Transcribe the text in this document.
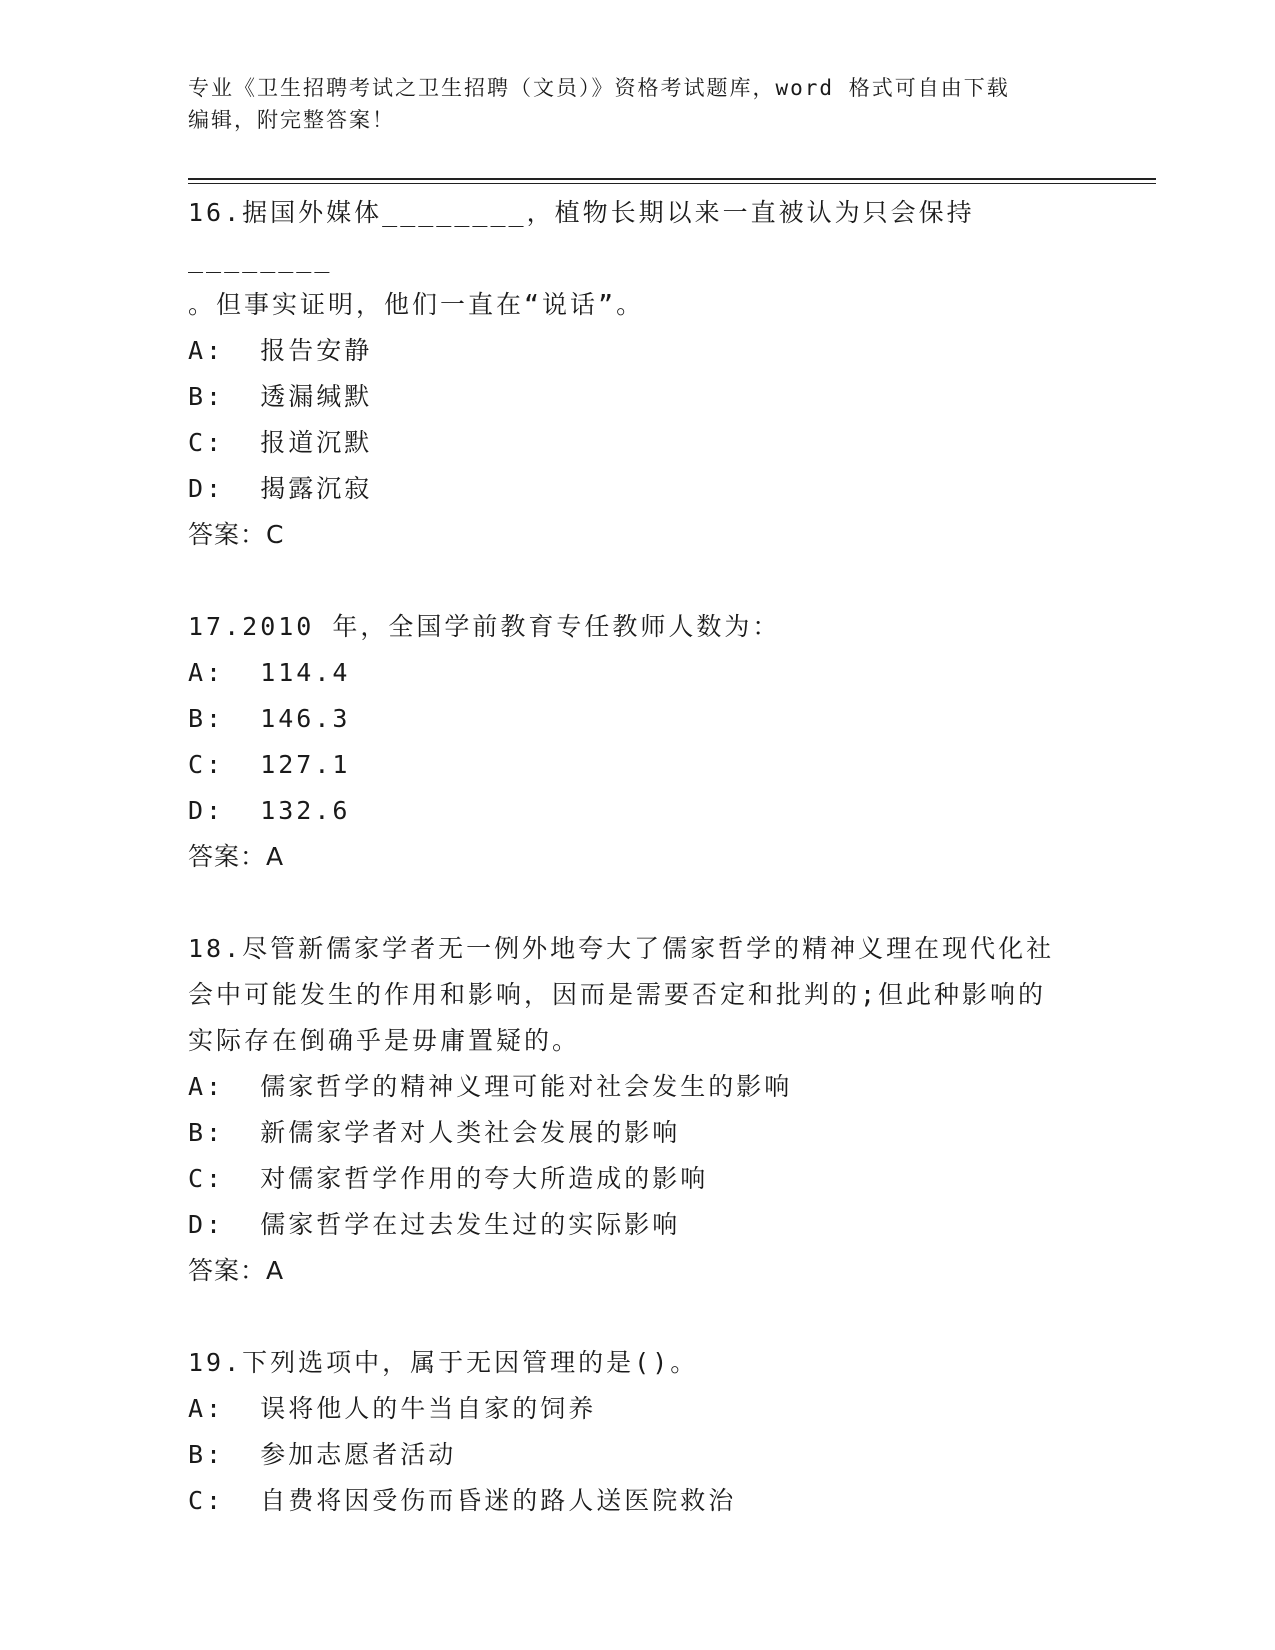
专业《卫生招聘考试之卫生招聘（文员）》资格考试题库，word 格式可自由下载
编辑，附完整答案！
16.据国外媒体________，植物长期以来一直被认为只会保持________
。但事实证明，他们一直在“说话”。
A:  报告安静
B:  透漏缄默
C:  报道沉默
D:  揭露沉寂
答案：C
17.2010 年，全国学前教育专任教师人数为：
A:  114.4
B:  146.3
C:  127.1
D:  132.6
答案：A
18.尽管新儒家学者无一例外地夸大了儒家哲学的精神义理在现代化社
会中可能发生的作用和影响，因而是需要否定和批判的;但此种影响的
实际存在倒确乎是毋庸置疑的。
A:  儒家哲学的精神义理可能对社会发生的影响
B:  新儒家学者对人类社会发展的影响
C:  对儒家哲学作用的夸大所造成的影响
D:  儒家哲学在过去发生过的实际影响
答案：A
19.下列选项中，属于无因管理的是()。
A:  误将他人的牛当自家的饲养
B:  参加志愿者活动
C:  自费将因受伤而昏迷的路人送医院救治
